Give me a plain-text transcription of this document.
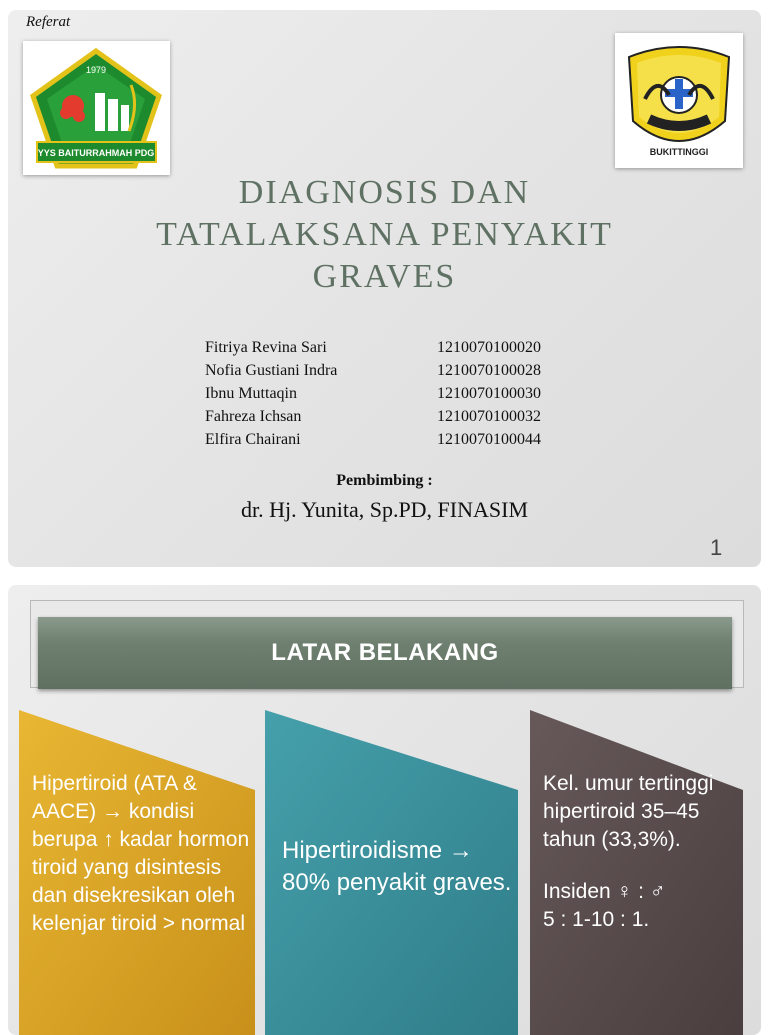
Referat
1979
YYS BAITURRAHMAH PDG	BUKITTINGGI
DIAGNOSIS DAN
TATALAKSANA PENYAKIT
GRAVES
Fitriya Revina Sari	1210070100020
Nofia Gustiani Indra	1210070100028
Ibnu Muttaqin	1210070100030
Fahreza Ichsan	1210070100032
Elfira Chairani	1210070100044
Pembimbing :
dr. Hj. Yunita, Sp.PD, FINASIM
1
LATAR BELAKANG
Hipertiroid (ATA & AACE) → kondisi berupa ↑ kadar hormon tiroid yang disintesis dan disekresikan oleh kelenjar tiroid > normal
Hipertiroidisme → 80% penyakit graves.

Kel. umur tertinggi hipertiroid 35–45 tahun (33,3%).

Insiden ♀ : ♂

5 : 1-10 : 1.
